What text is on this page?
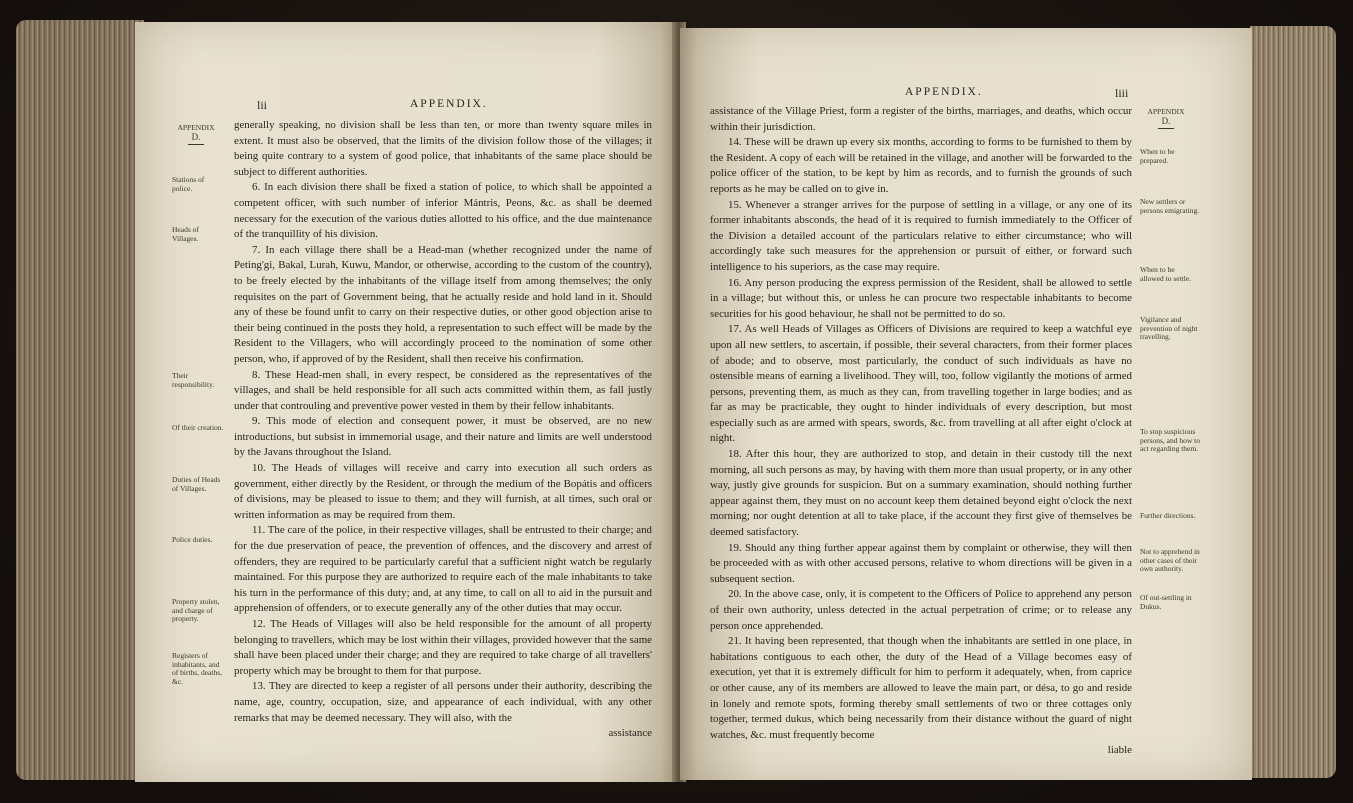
lii	APPENDIX.
APPENDIX
D.
Stations of police.
Heads of Villages.
Their responsibility.
Of their creation.
Duties of Heads of Villages.
Police duties.
Property stolen, and charge of property.
Registers of inhabitants, and of births, deaths, &c.

generally speaking, no division shall be less than ten, or more than twenty square miles in extent. It must also be observed, that the limits of the division follow those of the villages; it being quite contrary to a system of good police, that inhabitants of the same place should be subject to different authorities.

6. In each division there shall be fixed a station of police, to which shall be appointed a competent officer, with such number of inferior Mántris, Peons, &c. as shall be deemed necessary for the execution of the various duties allotted to his office, and the due maintenance of the tranquillity of his division.

7. In each village there shall be a Head-man (whether recognized under the name of Peting'gi, Bakal, Lurah, Kuwu, Mandor, or otherwise, according to the custom of the country), to be freely elected by the inhabitants of the village itself from among themselves; the only requisites on the part of Government being, that he actually reside and hold land in it. Should any of these be found unfit to carry on their respective duties, or other good objection arise to their being continued in the posts they hold, a representation to such effect will be made by the Resident to the Villagers, who will accordingly proceed to the nomination of some other person, who, if approved of by the Resident, shall then receive his confirmation.

8. These Head-men shall, in every respect, be considered as the representatives of the villages, and shall be held responsible for all such acts committed within them, as fall justly under that controuling and preventive power vested in them by their fellow inhabitants.

9. This mode of election and consequent power, it must be observed, are no new introductions, but subsist in immemorial usage, and their nature and limits are well understood by the Javans throughout the Island.

10. The Heads of villages will receive and carry into execution all such orders as government, either directly by the Resident, or through the medium of the Bopátis and officers of divisions, may be pleased to issue to them; and they will furnish, at all times, such oral or written information as may be required from them.

11. The care of the police, in their respective villages, shall be entrusted to their charge; and for the due preservation of peace, the prevention of offences, and the discovery and arrest of offenders, they are required to be particularly careful that a sufficient night watch be regularly maintained. For this purpose they are authorized to require each of the male inhabitants to take his turn in the performance of this duty; and, at any time, to call on all to aid in the pursuit and apprehension of offenders, or to execute generally any of the other duties that may occur.

12. The Heads of Villages will also be held responsible for the amount of all property belonging to travellers, which may be lost within their villages, provided however that the same shall have been placed under their charge; and they are required to take charge of all travellers' property which may be brought to them for that purpose.

13. They are directed to keep a register of all persons under their authority, describing the name, age, country, occupation, size, and appearance of each individual, with any other remarks that may be deemed necessary. They will also, with the

assistance
APPENDIX.	liii
APPENDIX
D.
When to be prepared.
New settlers or persons emigrating.
When to be allowed to settle.
Vigilance and prevention of night travelling.
To stop suspicious persons, and how to act regarding them.
Further directions.
Not to apprehend in other cases of their own authority.
Of out-settling in Dukus.

assistance of the Village Priest, form a register of the births, marriages, and deaths, which occur within their jurisdiction.

14. These will be drawn up every six months, according to forms to be furnished to them by the Resident. A copy of each will be retained in the village, and another will be forwarded to the police officer of the station, to be kept by him as records, and to furnish the grounds of such reports as he may be called on to give in.

15. Whenever a stranger arrives for the purpose of settling in a village, or any one of its former inhabitants absconds, the head of it is required to furnish immediately to the Officer of the Division a detailed account of the particulars relative to either circumstance; who will accordingly take such measures for the apprehension or pursuit of either, or forward such intelligence to his superiors, as the case may require.

16. Any person producing the express permission of the Resident, shall be allowed to settle in a village; but without this, or unless he can procure two respectable inhabitants to become securities for his good behaviour, he shall not be permitted to do so.

17. As well Heads of Villages as Officers of Divisions are required to keep a watchful eye upon all new settlers, to ascertain, if possible, their several characters, from their former places of abode; and to observe, most particularly, the conduct of such individuals as have no ostensible means of earning a livelihood. They will, too, follow vigilantly the motions of armed persons, preventing them, as much as they can, from travelling together in large bodies; and as far as may be practicable, they ought to hinder individuals of every description, but most especially such as are armed with spears, swords, &c. from travelling at all after eight o'clock at night.

18. After this hour, they are authorized to stop, and detain in their custody till the next morning, all such persons as may, by having with them more than usual property, or in any other way, justly give grounds for suspicion. But on a summary examination, should nothing further appear against them, they must on no account keep them detained beyond eight o'clock the next morning; nor ought detention at all to take place, if the account they first give of themselves be deemed satisfactory.

19. Should any thing further appear against them by complaint or otherwise, they will then be proceeded with as with other accused persons, relative to whom directions will be given in a subsequent section.

20. In the above case, only, it is competent to the Officers of Police to apprehend any person of their own authority, unless detected in the actual perpetration of crime; or to release any person once apprehended.

21. It having been represented, that though when the inhabitants are settled in one place, in habitations contiguous to each other, the duty of the Head of a Village becomes easy of execution, yet that it is extremely difficult for him to perform it adequately, when, from caprice or other cause, any of its members are allowed to leave the main part, or désa, to go and reside in lonely and remote spots, forming thereby small settlements of two or three cottages only together, termed dukus, which being necessarily from their distance without the guard of night watches, &c. must frequently become

liable
